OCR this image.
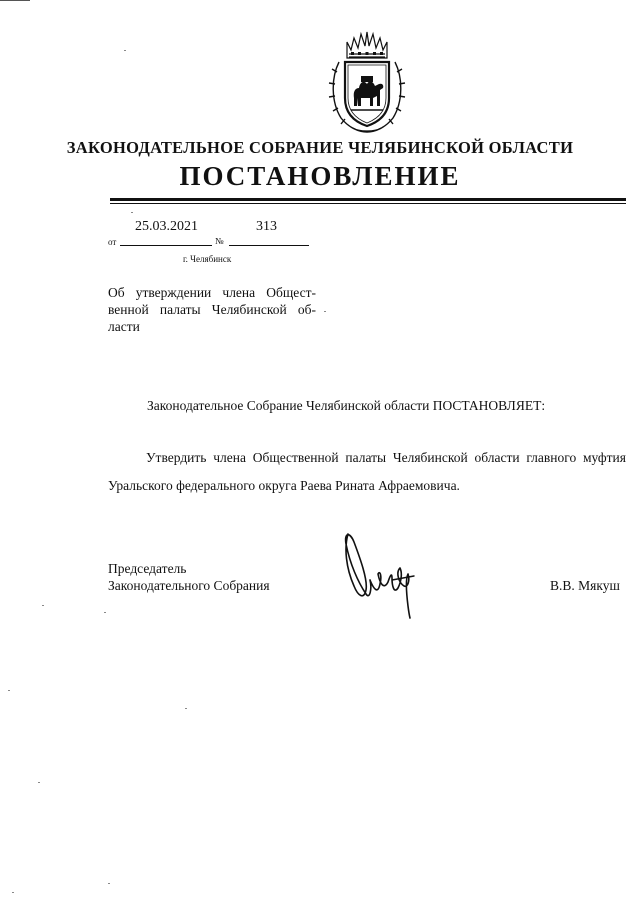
ЗАКОНОДАТЕЛЬНОЕ СОБРАНИЕ ЧЕЛЯБИНСКОЙ ОБЛАСТИ
ПОСТАНОВЛЕНИЕ
25.03.2021	313
от	№
г. Челябинск
Об утверждении члена Общественной палаты Челябинской области
Законодательное Собрание Челябинской области ПОСТАНОВЛЯЕТ:
Утвердить члена Общественной палаты Челябинской области главного муфтия Уральского федерального округа Раева Рината Афраемовича.
Председатель
Законодательного Собрания	В.В. Мякуш
